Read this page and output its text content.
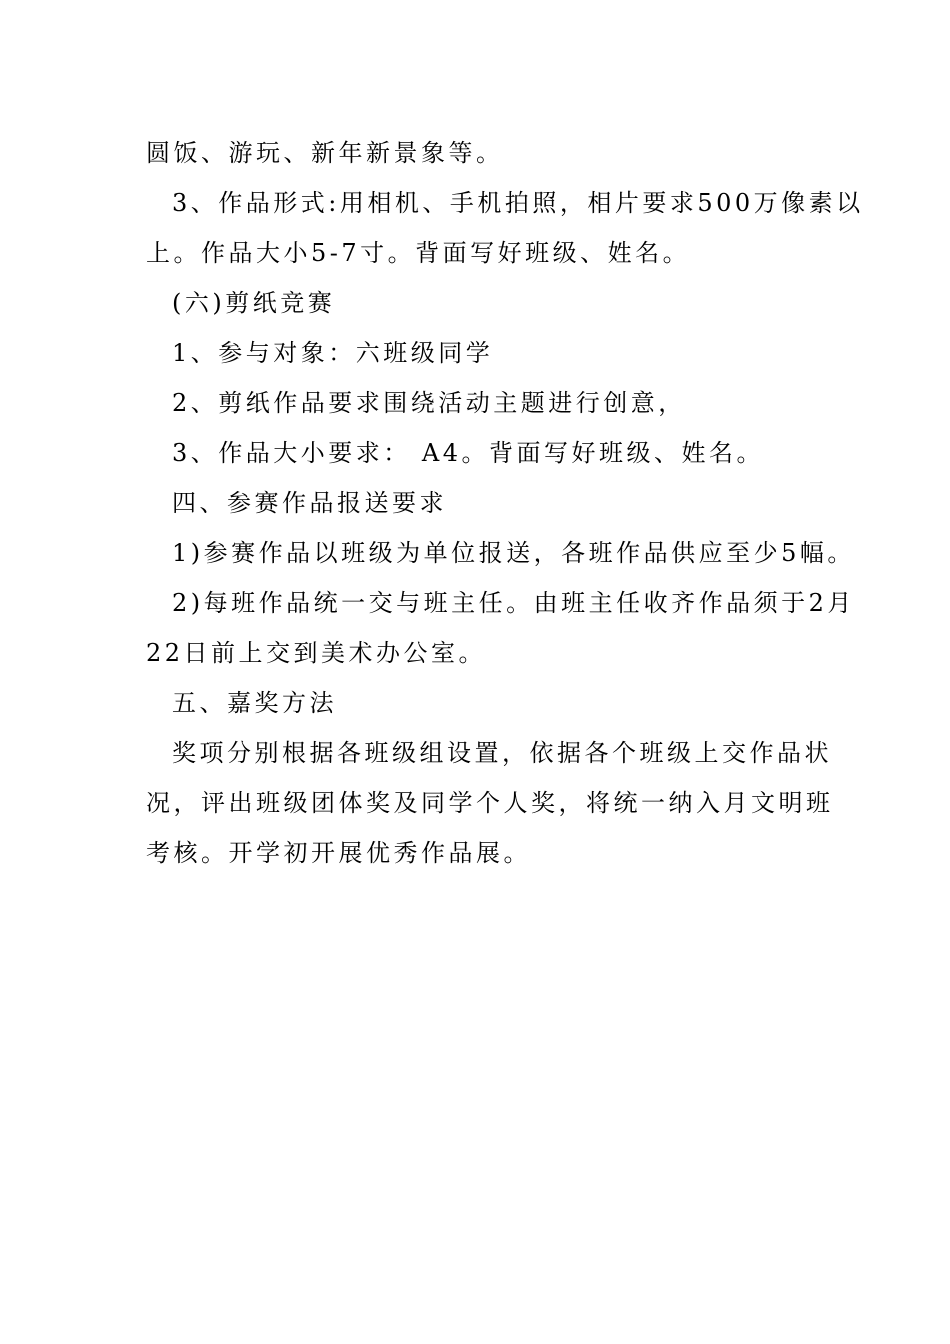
圆饭、游玩、新年新景象等。

3、作品形式:用相机、手机拍照，相片要求500万像素以

上。作品大小5-7寸。背面写好班级、姓名。

(六)剪纸竞赛

1、参与对象：六班级同学

2、剪纸作品要求围绕活动主题进行创意，

3、作品大小要求： A4。背面写好班级、姓名。

四、参赛作品报送要求

1)参赛作品以班级为单位报送，各班作品供应至少5幅。

2)每班作品统一交与班主任。由班主任收齐作品须于2月

22日前上交到美术办公室。

五、嘉奖方法

奖项分别根据各班级组设置，依据各个班级上交作品状

况，评出班级团体奖及同学个人奖，将统一纳入月文明班

考核。开学初开展优秀作品展。
